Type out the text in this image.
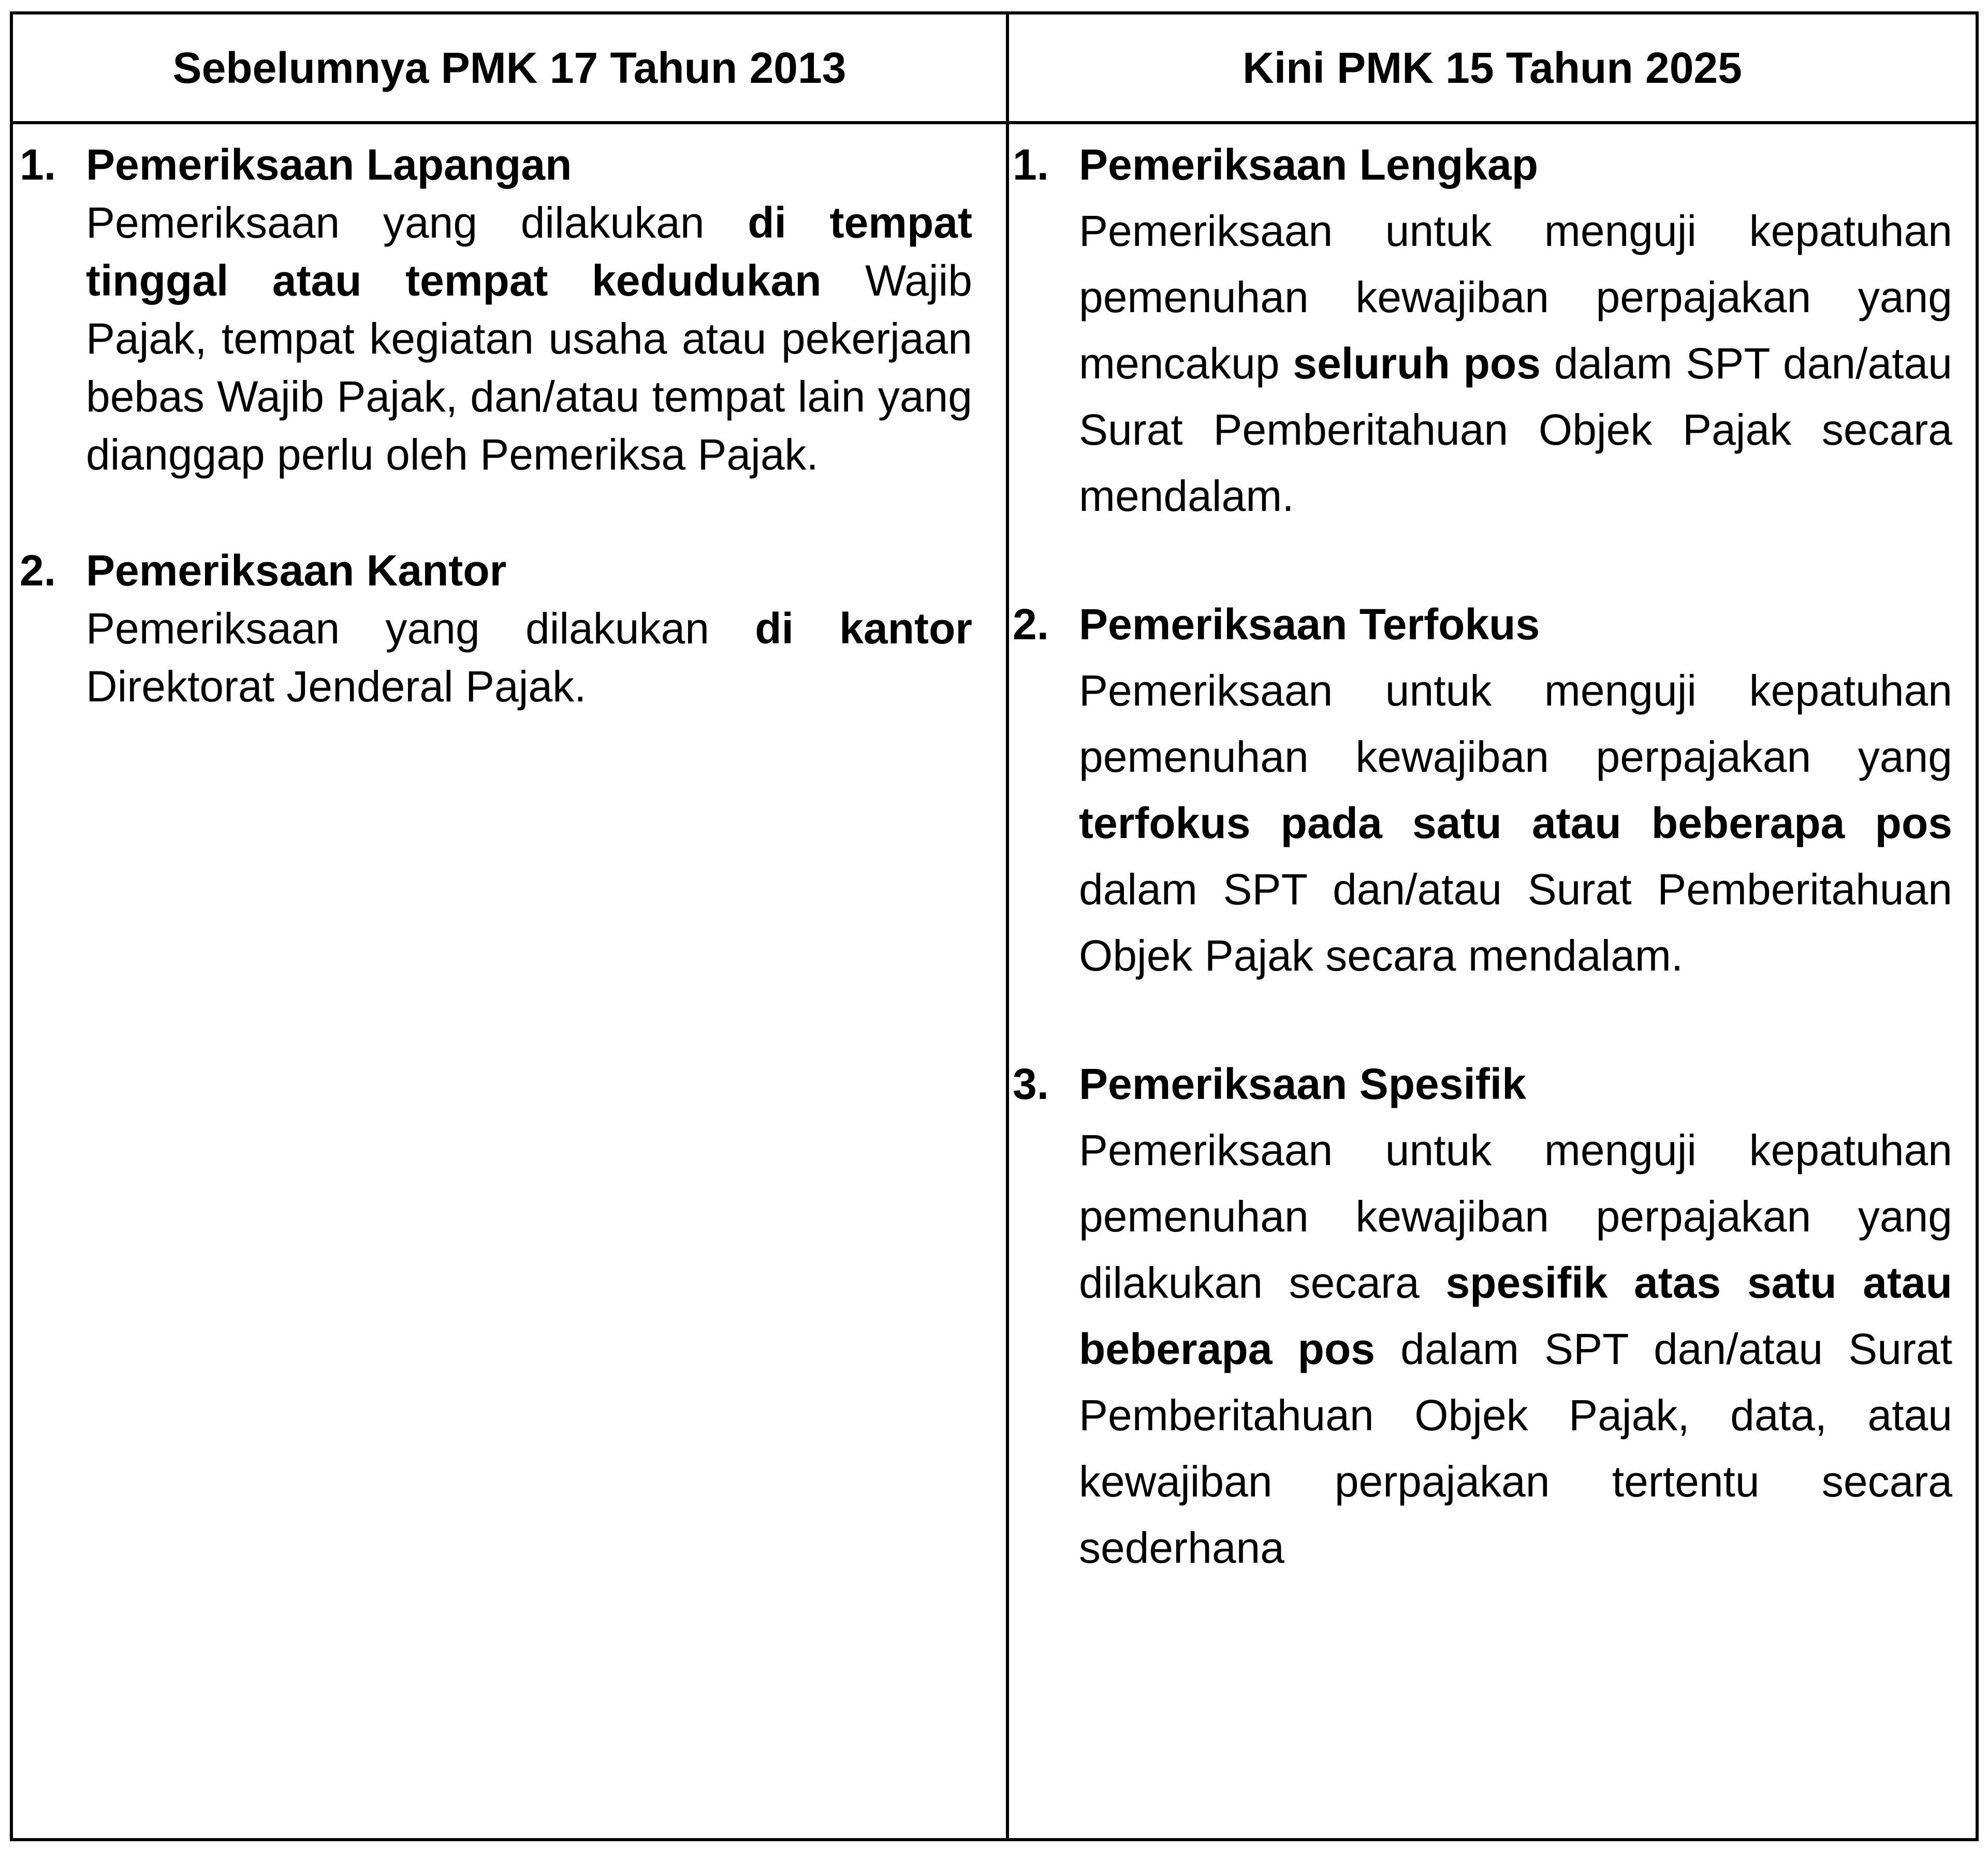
Sebelumnya PMK 17 Tahun 2013	Kini PMK 15 Tahun 2025
1. Pemeriksaan Lapangan
Pemeriksaan yang dilakukan di tempat tinggal atau tempat kedudukan Wajib Pajak, tempat kegiatan usaha atau pekerjaan bebas Wajib Pajak, dan/atau tempat lain yang dianggap perlu oleh Pemeriksa Pajak.
2. Pemeriksaan Kantor
Pemeriksaan yang dilakukan di kantor Direktorat Jenderal Pajak.
1. Pemeriksaan Lengkap
Pemeriksaan untuk menguji kepatuhan pemenuhan kewajiban perpajakan yang mencakup seluruh pos dalam SPT dan/atau Surat Pemberitahuan Objek Pajak secara mendalam.
2. Pemeriksaan Terfokus
Pemeriksaan untuk menguji kepatuhan pemenuhan kewajiban perpajakan yang terfokus pada satu atau beberapa pos dalam SPT dan/atau Surat Pemberitahuan Objek Pajak secara mendalam.
3. Pemeriksaan Spesifik
Pemeriksaan untuk menguji kepatuhan pemenuhan kewajiban perpajakan yang dilakukan secara spesifik atas satu atau beberapa pos dalam SPT dan/atau Surat Pemberitahuan Objek Pajak, data, atau kewajiban perpajakan tertentu secara sederhana
